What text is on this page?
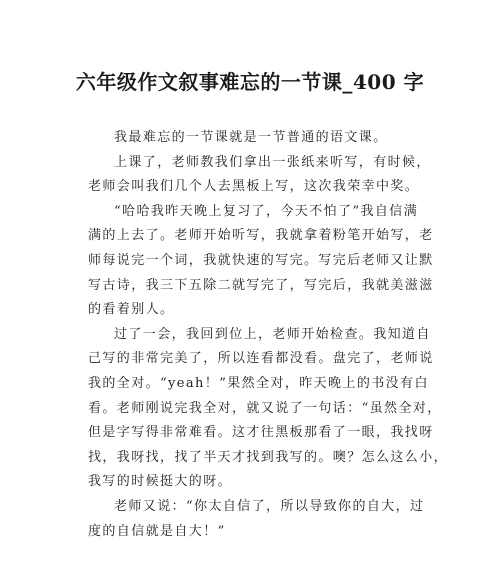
六年级作文叙事难忘的一节课_400 字
我最难忘的一节课就是一节普通的语文课。
上课了，老师教我们拿出一张纸来听写，有时候，
老师会叫我们几个人去黑板上写，这次我荣幸中奖。
“哈哈我昨天晚上复习了，今天不怕了”我自信满
满的上去了。老师开始听写，我就拿着粉笔开始写，老
师每说完一个词，我就快速的写完。写完后老师又让默
写古诗，我三下五除二就写完了，写完后，我就美滋滋
的看着别人。
过了一会，我回到位上，老师开始检查。我知道自
己写的非常完美了，所以连看都没看。盘完了，老师说
我的全对。“yeah！”果然全对，昨天晚上的书没有白
看。老师刚说完我全对，就又说了一句话：“虽然全对，
但是字写得非常难看。这才往黑板那看了一眼，我找呀
找，我呀找，找了半天才找到我写的。噢？怎么这么小，
我写的时候挺大的呀。
老师又说：“你太自信了，所以导致你的自大，过
度的自信就是自大！”
